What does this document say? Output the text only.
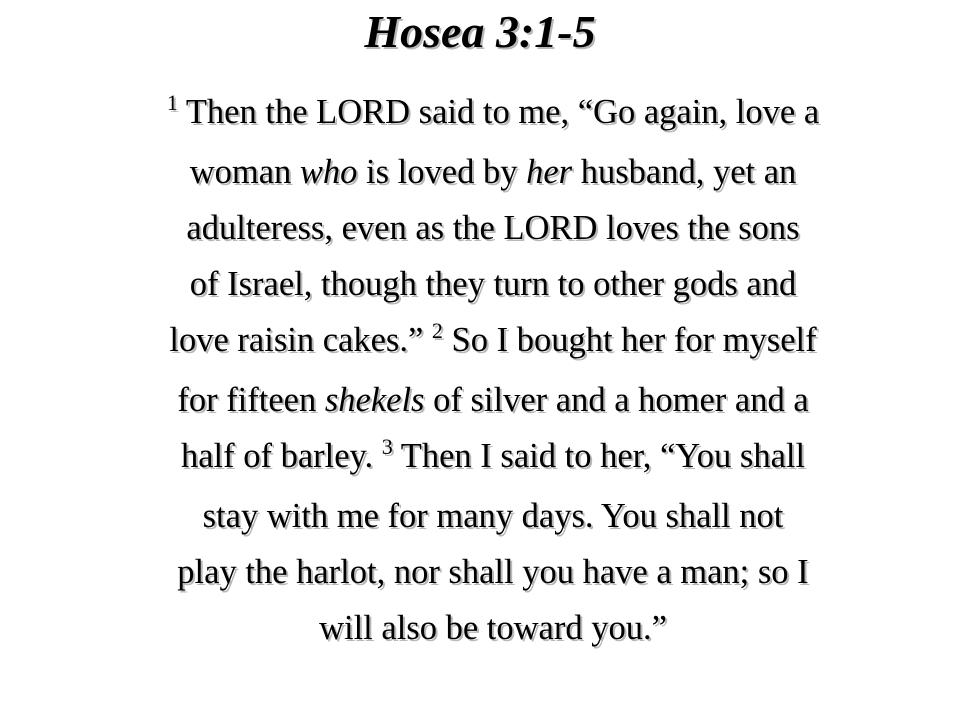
Hosea 3:1-5
$^1$ Then the LORD said to me, “Go again, love a
woman who is loved by her husband, yet an
adulteress, even as the LORD loves the sons
of Israel, though they turn to other gods and
love raisin cakes.” $^2$ So I bought her for myself
for fifteen shekels of silver and a homer and a
half of barley. $^3$ Then I said to her, “You shall
stay with me for many days. You shall not
play the harlot, nor shall you have a man; so I
will also be toward you.”
